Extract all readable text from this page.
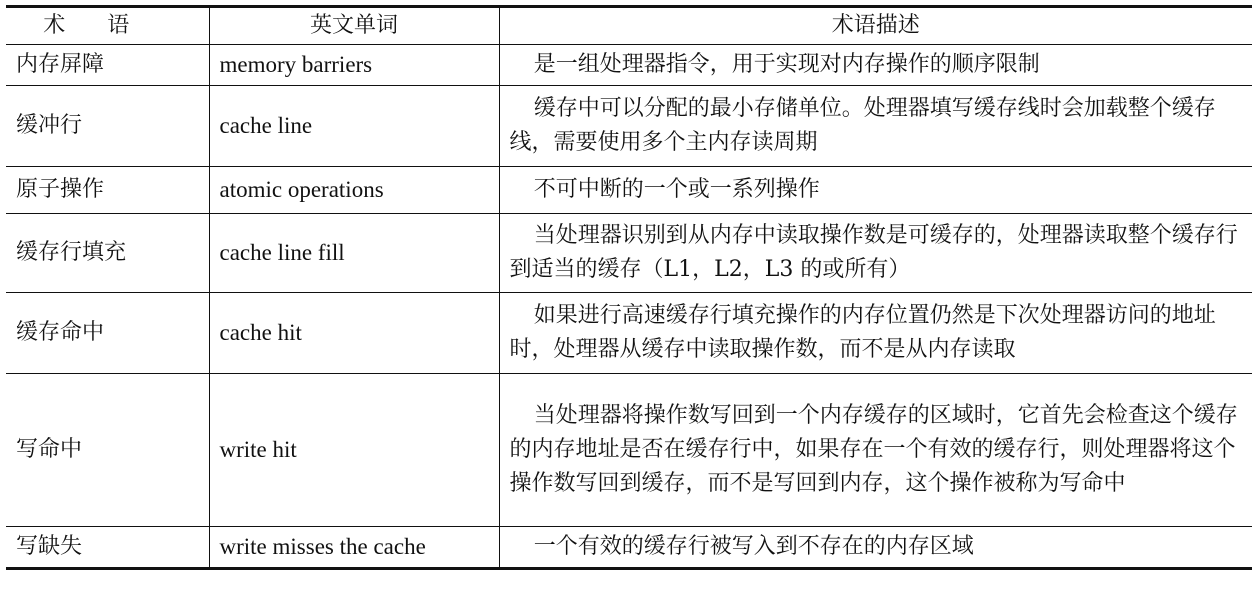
术语	英文单词	术语描述
内存屏障	memory barriers	是一组处理器指令，用于实现对内存操作的顺序限制

缓冲行	cache line	缓存中可以分配的最小存储单位。处理器填写缓存线时会加载整个缓存线，需要使用多个主内存读周期

原子操作	atomic operations	不可中断的一个或一系列操作

缓存行填充	cache line fill	当处理器识别到从内存中读取操作数是可缓存的，处理器读取整个缓存行到适当的缓存（L1，L2，L3 的或所有）

缓存命中	cache hit	如果进行高速缓存行填充操作的内存位置仍然是下次处理器访问的地址时，处理器从缓存中读取操作数，而不是从内存读取

写命中	write hit	当处理器将操作数写回到一个内存缓存的区域时，它首先会检查这个缓存的内存地址是否在缓存行中，如果存在一个有效的缓存行，则处理器将这个操作数写回到缓存，而不是写回到内存，这个操作被称为写命中

写缺失	write misses the cache	一个有效的缓存行被写入到不存在的内存区域
